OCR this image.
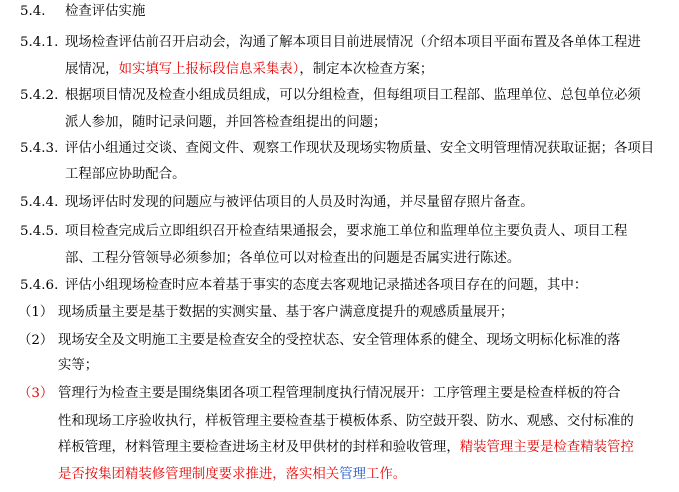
5.4. 检查评估实施
5.4.1. 现场检查评估前召开启动会，沟通了解本项目目前进展情况（介绍本项目平面布置及各单体工程进
展情况，如实填写上报标段信息采集表），制定本次检查方案；
5.4.2. 根据项目情况及检查小组成员组成，可以分组检查，但每组项目工程部、监理单位、总包单位必须
派人参加，随时记录问题，并回答检查组提出的问题；
5.4.3. 评估小组通过交谈、查阅文件、观察工作现状及现场实物质量、安全文明管理情况获取证据；各项目
工程部应协助配合。
5.4.4. 现场评估时发现的问题应与被评估项目的人员及时沟通，并尽量留存照片备查。
5.4.5. 项目检查完成后立即组织召开检查结果通报会，要求施工单位和监理单位主要负责人、项目工程
部、工程分管领导必须参加；各单位可以对检查出的问题是否属实进行陈述。
5.4.6. 评估小组现场检查时应本着基于事实的态度去客观地记录描述各项目存在的问题，其中：
（1） 现场质量主要是基于数据的实测实量、基于客户满意度提升的观感质量展开；
（2） 现场安全及文明施工主要是检查安全的受控状态、安全管理体系的健全、现场文明标化标准的落
实等；
（3） 管理行为检查主要是围绕集团各项工程管理制度执行情况展开：工序管理主要是检查样板的符合
性和现场工序验收执行，样板管理主要检查基于模板体系、防空鼓开裂、防水、观感、交付标准的
样板管理，材料管理主要检查进场主材及甲供材的封样和验收管理，精装管理主要是检查精装管控
是否按集团精装修管理制度要求推进，落实相关管理工作。
